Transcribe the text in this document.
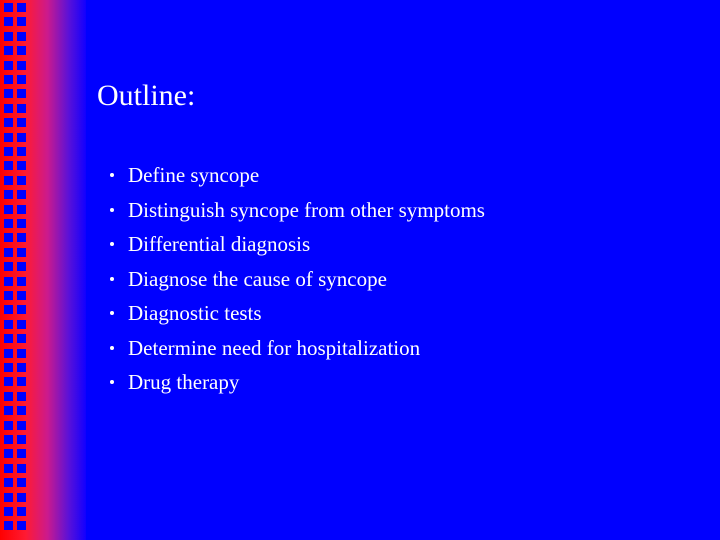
Outline:
Define syncope
Distinguish syncope from other symptoms
Differential diagnosis
Diagnose the cause of syncope
Diagnostic tests
Determine need for hospitalization
Drug therapy
